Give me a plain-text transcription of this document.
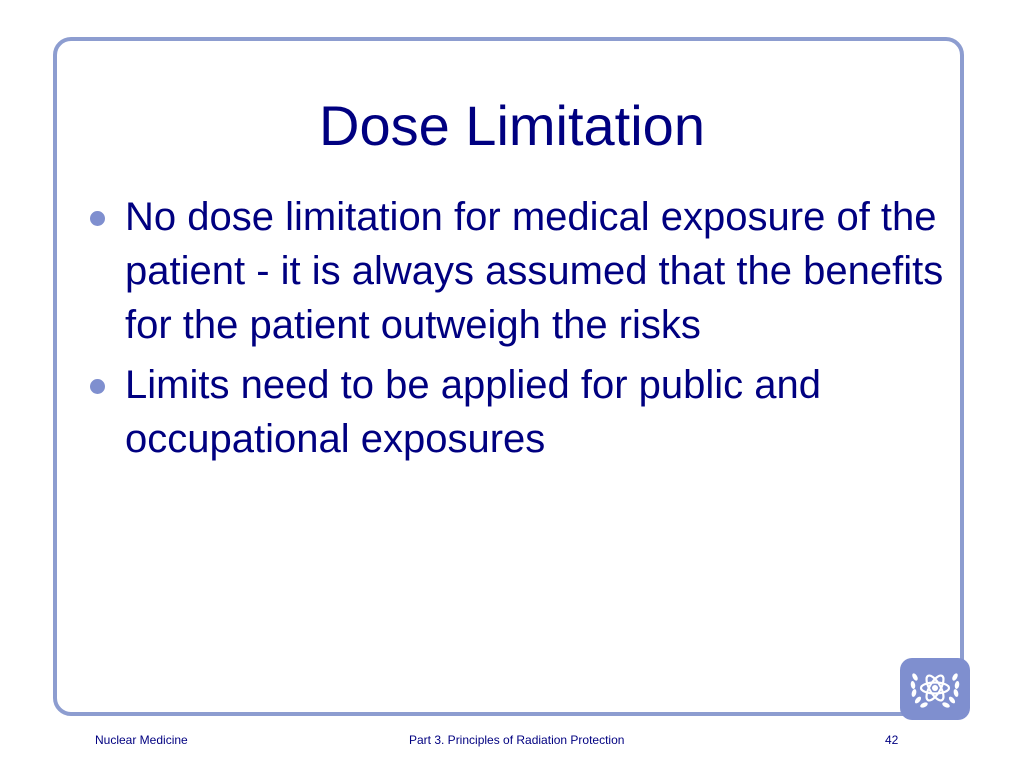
Dose Limitation
No dose limitation for medical exposure of the patient - it is always assumed that the benefits for the patient outweigh the risks
Limits need to be applied for public and occupational exposures
Nuclear Medicine	Part 3. Principles of Radiation Protection	42
